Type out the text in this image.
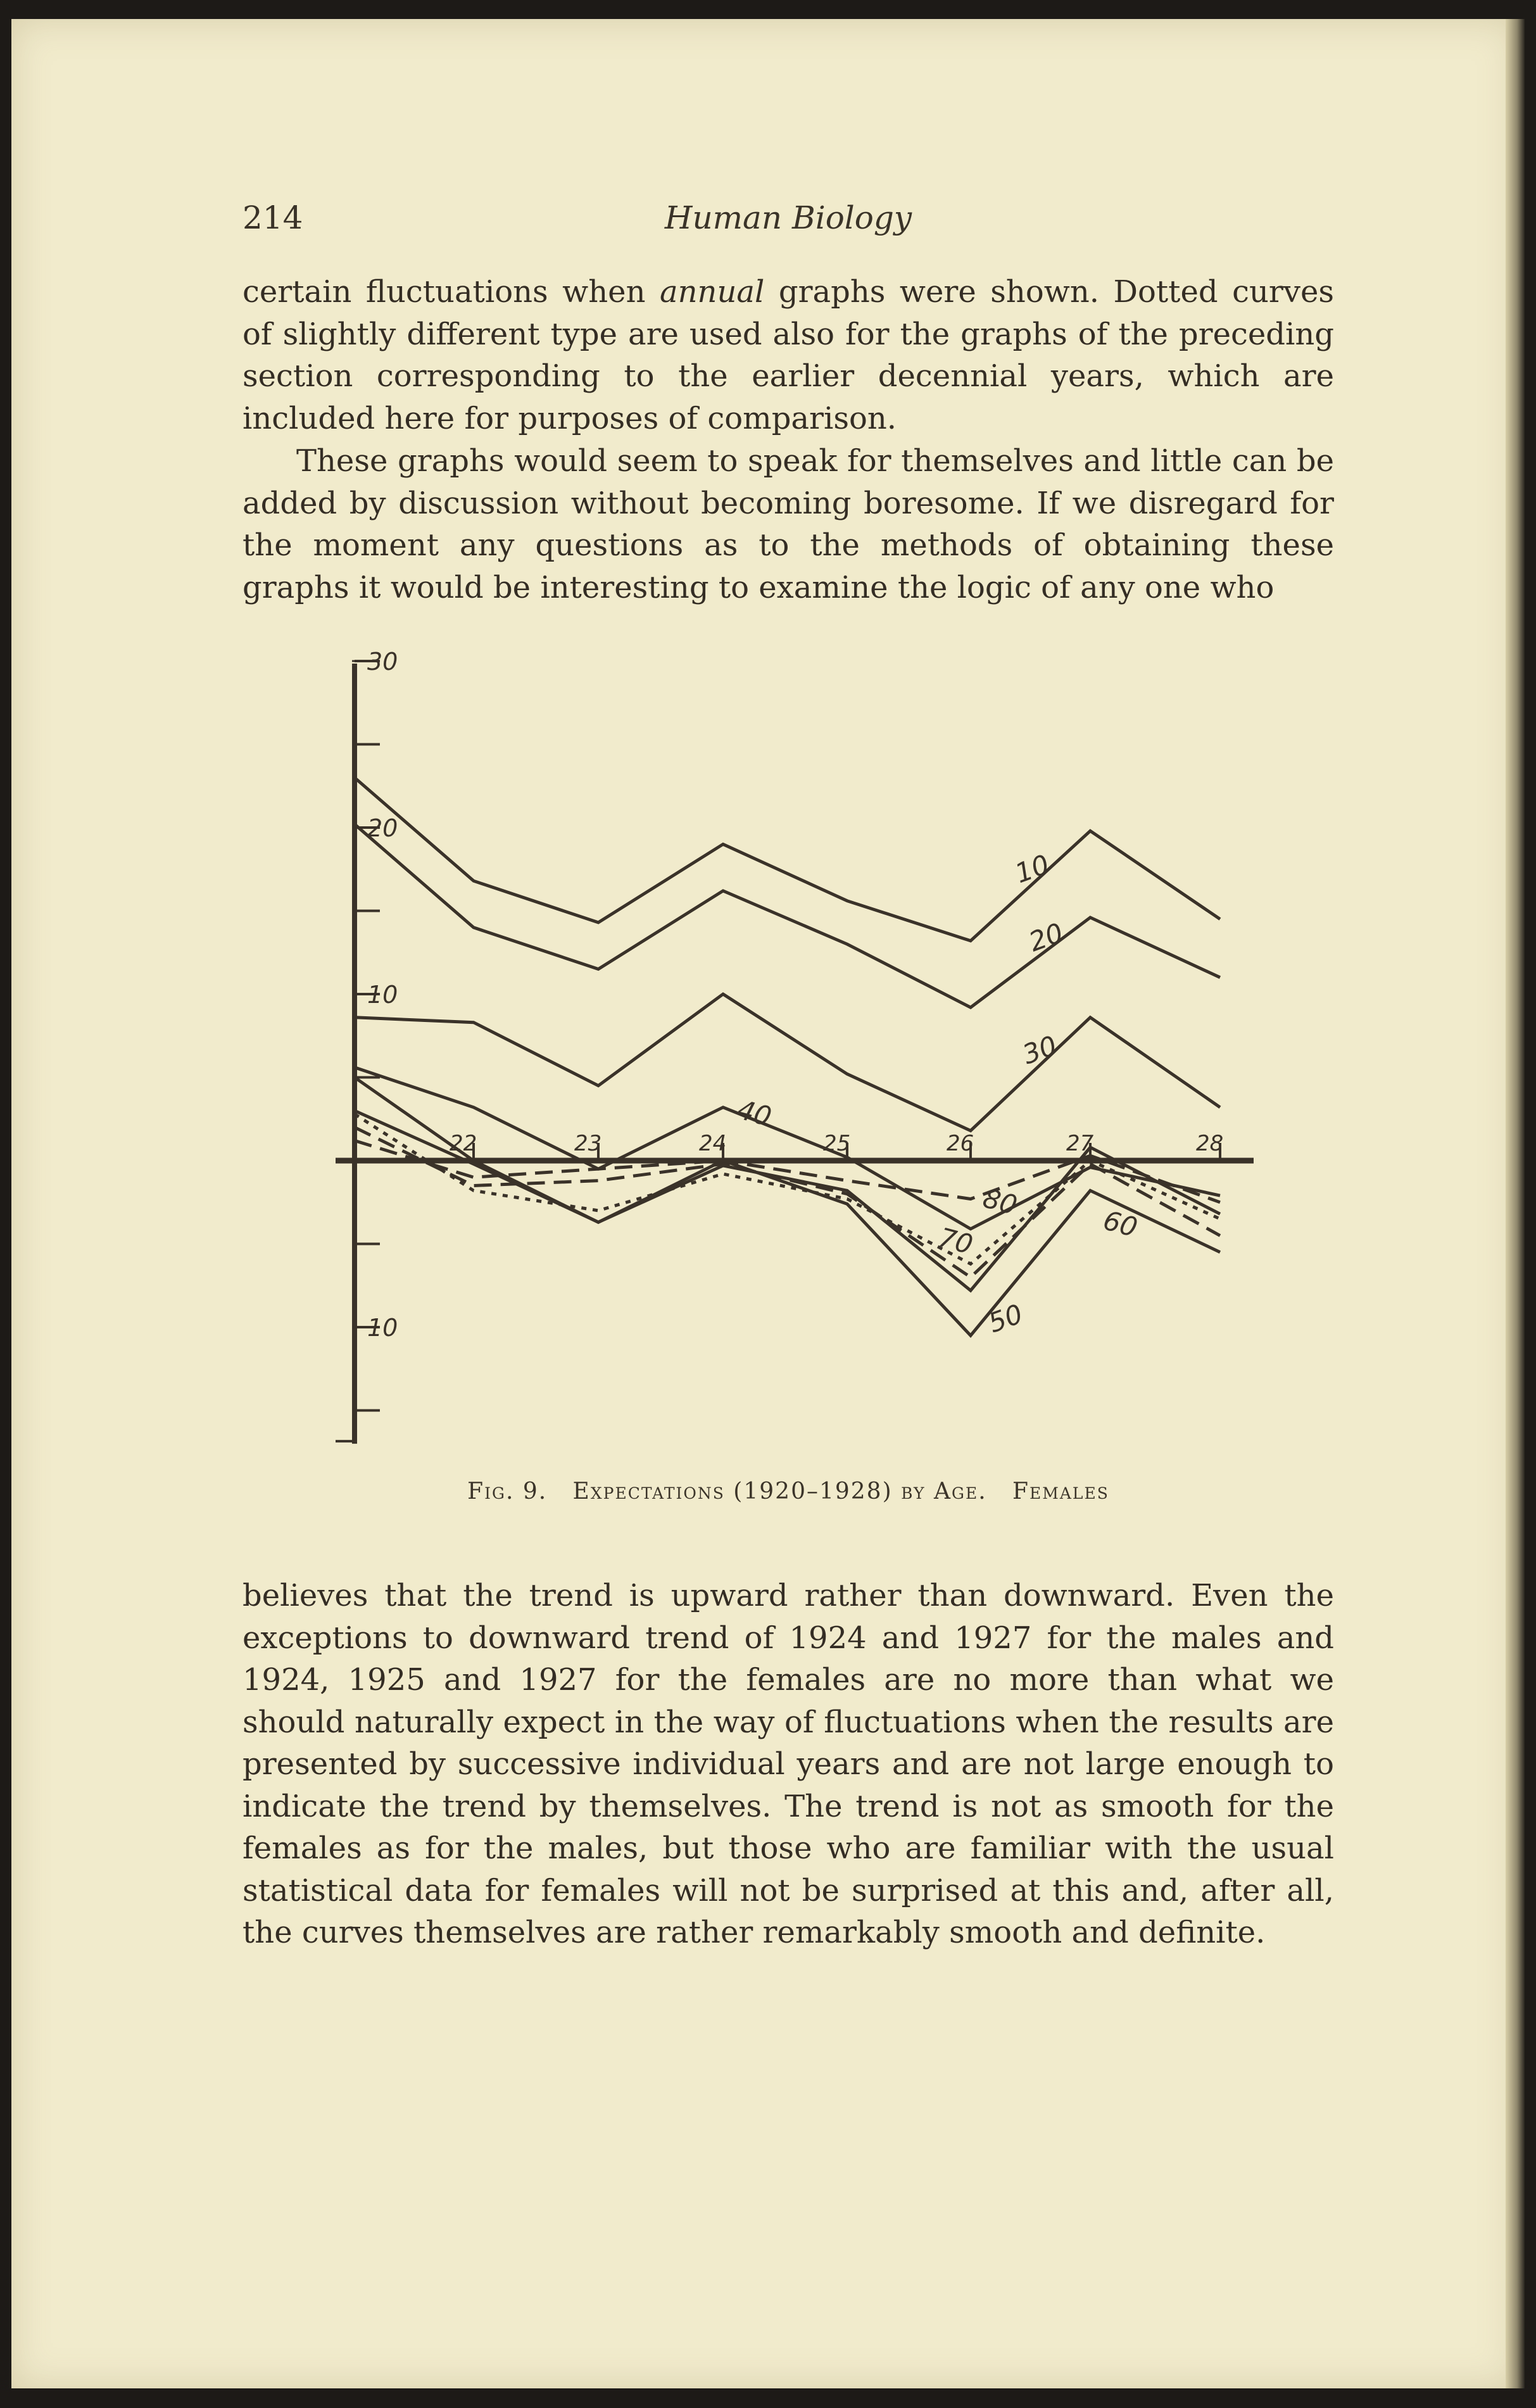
214	Human Biology

certain fluctuations when annual graphs were shown. Dotted curves of slightly different type are used also for the graphs of the preceding section corresponding to the earlier decennial years, which are included here for purposes of comparison.

These graphs would seem to speak for themselves and little can be added by discussion without becoming boresome. If we disregard for the moment any questions as to the methods of obtaining these graphs it would be interesting to examine the logic of any one who

30
20
10
10
22	23	24	25	26	27	28
10
20
30
40
50
60
70
80
Fig. 9. Expectations (1920–1928) by Age. Females

believes that the trend is upward rather than downward. Even the exceptions to downward trend of 1924 and 1927 for the males and 1924, 1925 and 1927 for the females are no more than what we should naturally expect in the way of fluctuations when the results are presented by successive individual years and are not large enough to indicate the trend by themselves. The trend is not as smooth for the females as for the males, but those who are familiar with the usual statistical data for females will not be surprised at this and, after all, the curves themselves are rather remarkably smooth and definite.
